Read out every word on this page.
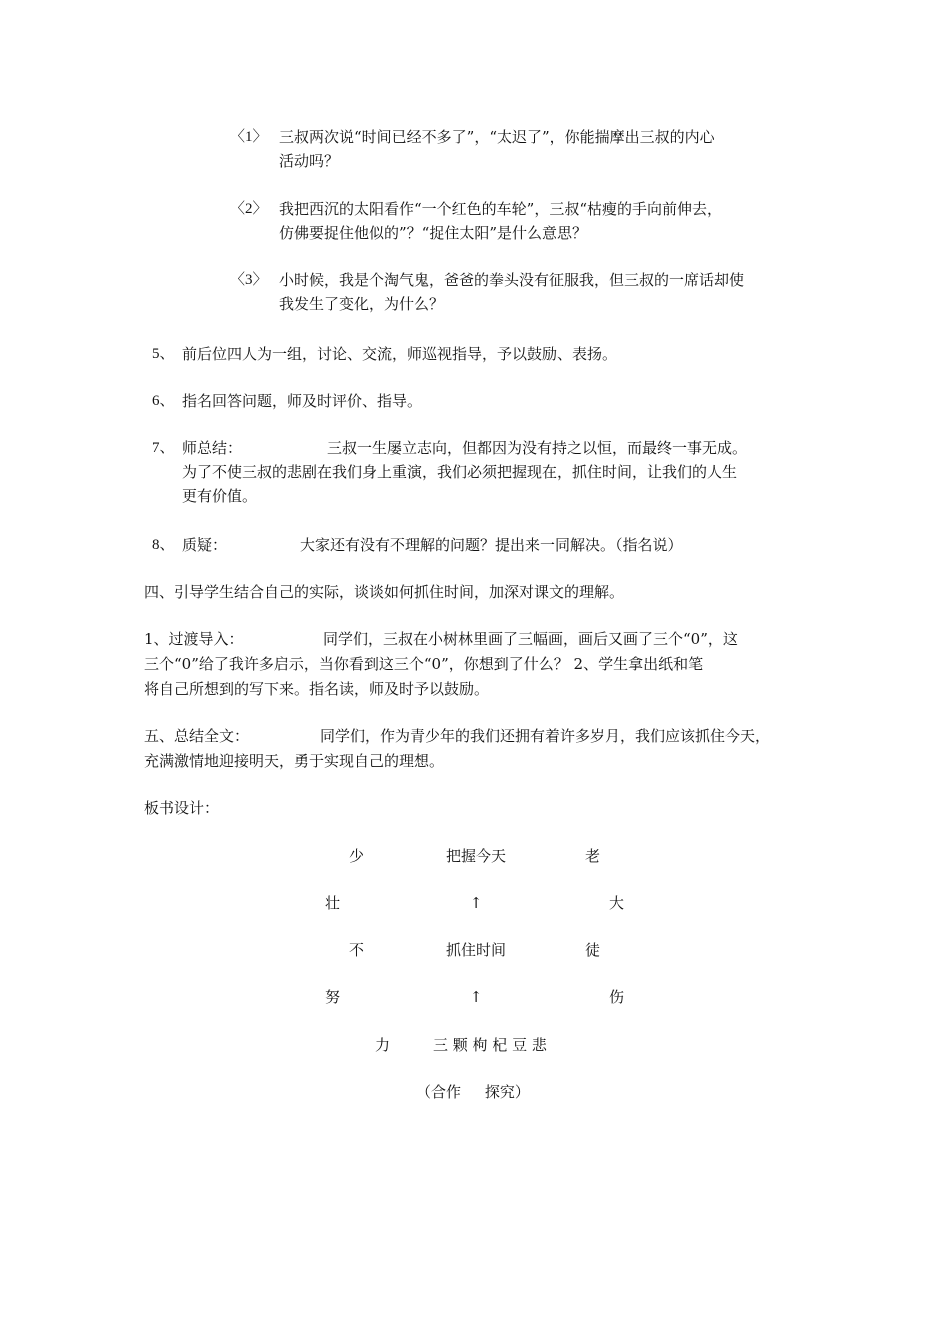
〈1〉 三叔两次说“时间已经不多了”，“太迟了”，你能揣摩出三叔的内心
活动吗？
〈2〉 我把西沉的太阳看作“一个红色的车轮”，三叔“枯瘦的手向前伸去，
仿佛要捉住他似的”？“捉住太阳”是什么意思？
〈3〉 小时候，我是个淘气鬼，爸爸的拳头没有征服我，但三叔的一席话却使
我发生了变化，为什么？
5、 前后位四人为一组，讨论、交流，师巡视指导，予以鼓励、表扬。
6、 指名回答问题，师及时评价、指导。
7、 师总结：	三叔一生屡立志向，但都因为没有持之以恒，而最终一事无成。
为了不使三叔的悲剧在我们身上重演，我们必须把握现在，抓住时间，让我们的人生
更有价值。
8、 质疑：	大家还有没有不理解的问题？提出来一同解决。（指名说）
四、引导学生结合自己的实际，谈谈如何抓住时间，加深对课文的理解。
1、过渡导入：	同学们，三叔在小树林里画了三幅画，画后又画了三个“0”，这
三个“0”给了我许多启示，当你看到这三个“0”，你想到了什么？ 2、学生拿出纸和笔
将自己所想到的写下来。指名读，师及时予以鼓励。
五、总结全文：	同学们，作为青少年的我们还拥有着许多岁月，我们应该抓住今天，
充满激情地迎接明天，勇于实现自己的理想。
板书设计：
少	把握今天	老
壮	↑	大
不	抓住时间	徒
努	↑	伤
力	三 颗 枸 杞 豆 悲
（合作     探究）
